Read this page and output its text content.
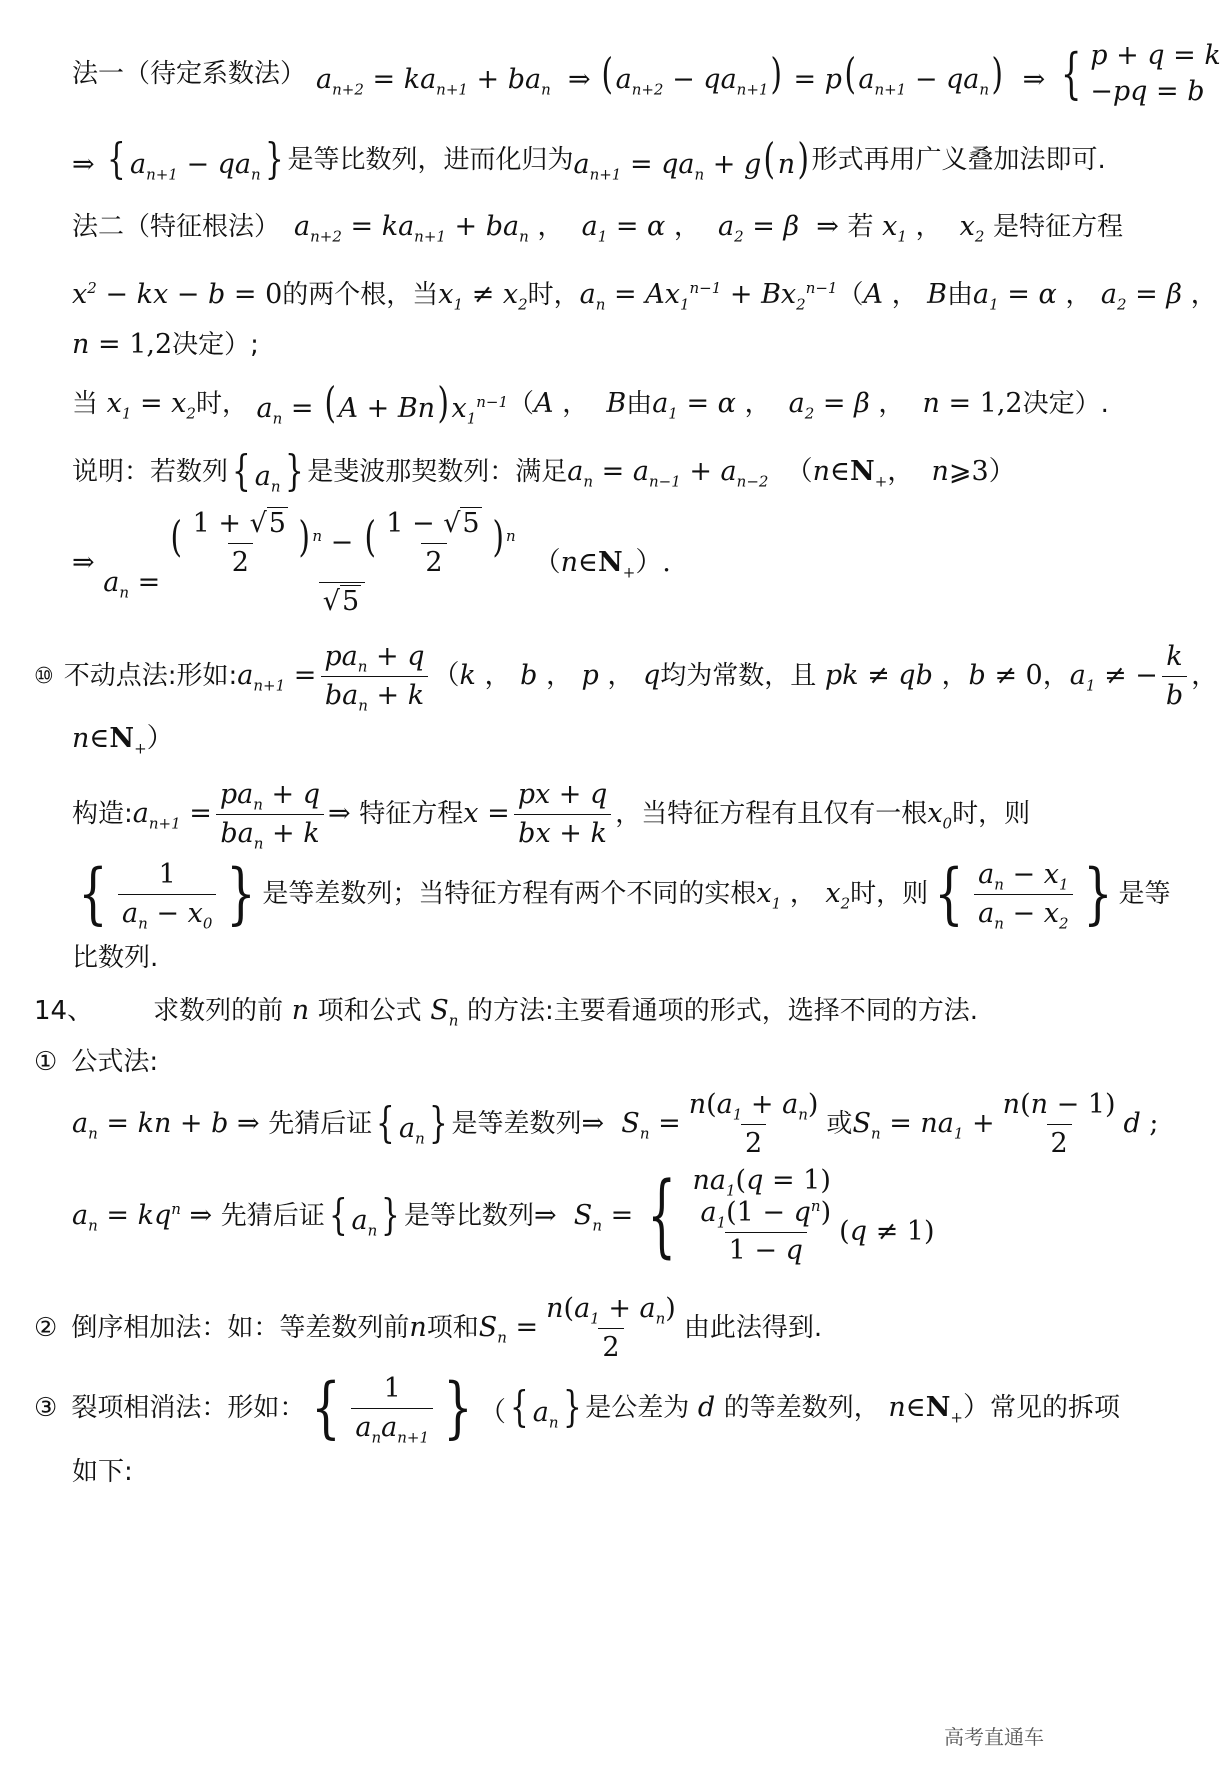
法一（待定系数法） $a_{n+2} = ka_{n+1} + ba_n$  ⇒ $(a_{n+2} - qa_{n+1}) = p(a_{n+1} - qa_n)$  ⇒ { p + q = k
−pq = b
⇒ { $a_{n+1} - qa_n$} 是等比数列，进而化归为 $a_{n+1} = qa_n + g(n)$ 形式再用广义叠加法即可.
法二（特征根法） $a_{n+2} = ka_{n+1} + ba_n$ ，  $a_1 = \alpha$ ，  $a_2 = \beta$  ⇒ 若 $x_1$ ，  $x_2$ 是特征方程
$x^2$ − kx − b = 0 的两个根，当 $x_1 \ne x_2$ 时， $a_n = Ax_1^{n-1} + Bx_2^{n-1}$ （ A ， B 由 $a_1 = \alpha$ ， $a_2 = \beta$ ，
n = 1,2 决定）;
当 $x_1 = x_2$ 时， $a_n = (A + Bn)x_1^{n-1}$ （ A ，  B 由 $a_1 = \alpha$ ，  $a_2 = \beta$ ，  n = 1,2 决定）.
说明：若数列 { $a_n$} 是斐波那契数列：满足 $a_n = a_{n-1} + a_{n-2}$  （$n\in N_+$，  n⩾3）
⇒
$a_n = \frac{( \frac{1 + √5}{2} ) ^n - ( \frac{1 - √5}{2} ) ^n}{√5}$ $(n\in N_+)$.
⑩ 不动点法:形如: $a_{n+1} = \frac{pa_n + q}{ba_n + k} (k$ ， b ， p ， q 均为常数，且 pk ≠ qb ，b ≠ 0，$a_1$ ≠ − $\frac{k}{b}$ ，
$n\in N_+$）
构造: $a_{n+1} = \frac{pa_n + q}{ba_n + k}$ ⇒ 特征方程 $x = \frac{px + q}{bx + k}$ ，当特征方程有且仅有一根 $x_0$ 时，则
{ $\frac{1}{a_n - x_0}$ } 是等差数列；当特征方程有两个不同的实根 $x_1$ ， $x_2$ 时，则 { $\frac{a_n - x_1}{a_n - x_2}$ } 是等
比数列.
14、 求数列的前 n 项和公式 $S_n$ 的方法:主要看通项的形式，选择不同的方法.
① 公式法:
$a_n$ = kn + b ⇒ 先猜后证 { $a_n$} 是等差数列 ⇒  $S_n = \frac{n(a_1 + a_n)}{2}$ 或 $S_n = na_1 + \frac{n(n - 1)}{2}$ d ;
$a_n = kq^n$ ⇒ 先猜后证 { $a_n$} 是等比数列 ⇒  $S_n$ = { $na_1(q = 1)$
$\frac{a_1(1 - q^n)}{1 - q} (q \ne 1)$
② 倒序相加法：如：等差数列前 n 项和 $S_n = \frac{n(a_1 + a_n)}{2}$ 由此法得到.
③ 裂项相消法：形如： { $\frac{1}{a_na_{n+1}}$ } （{ $a_n$} 是公差为 d 的等差数列， $n\in N_+$） 常见的拆项
如下:
高考直通车
